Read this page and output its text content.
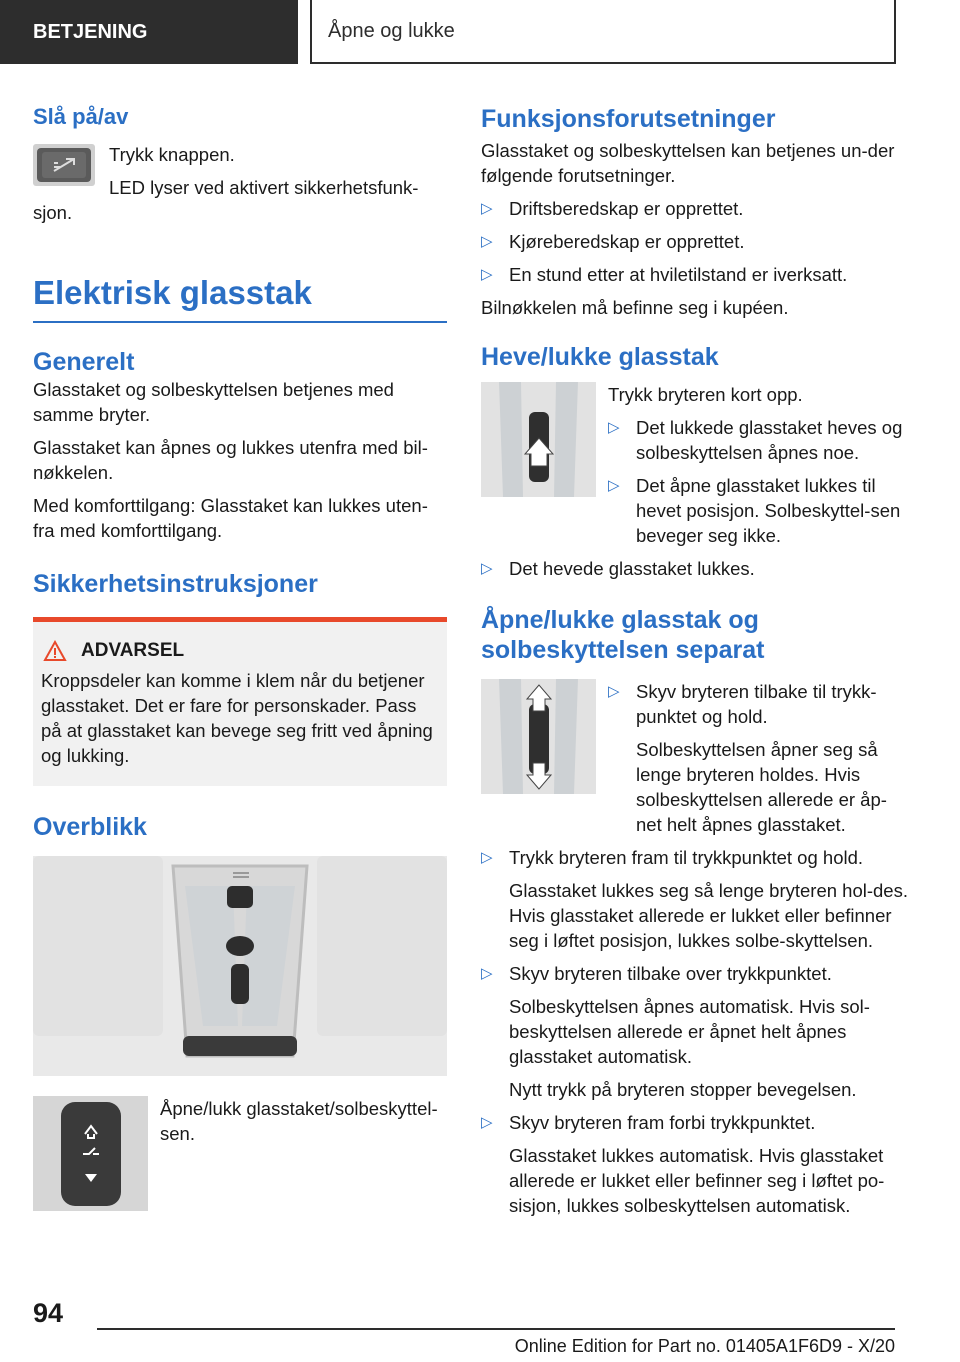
BETJENING	Åpne og lukke
Slå på/av

Trykk knappen.

LED lyser ved aktivert sikkerhetsfunk-

sjon.

Elektrisk glasstak
Generelt

Glasstaket og solbeskyttelsen betjenes med samme bryter.

Glasstaket kan åpnes og lukkes utenfra med bil-nøkkelen.

Med komforttilgang: Glasstaket kan lukkes uten-fra med komforttilgang.

Sikkerhetsinstruksjoner
ADVARSEL

Kroppsdeler kan komme i klem når du betjener glasstaket. Det er fare for personskader. Pass på at glasstaket kan bevege seg fritt ved åpning og lukking.

Overblikk

Åpne/lukk glasstaket/solbeskyttel-sen.

Funksjonsforutsetninger

Glasstaket og solbeskyttelsen kan betjenes un-der følgende forutsetninger.

▷ Driftsberedskap er opprettet.

▷ Kjøreberedskap er opprettet.

▷ En stund etter at hviletilstand er iverksatt.

Bilnøkkelen må befinne seg i kupéen.

Heve/lukke glasstak

Trykk bryteren kort opp.

▷ Det lukkede glasstaket heves og solbeskyttelsen åpnes noe.

▷ Det åpne glasstaket lukkes til hevet posisjon. Solbeskyttel-sen beveger seg ikke.

▷ Det hevede glasstaket lukkes.

Åpne/lukke glasstak og
solbeskyttelsen separat
▷ Skyv bryteren tilbake til trykk-punktet og hold.

Solbeskyttelsen åpner seg så lenge bryteren holdes. Hvis solbeskyttelsen allerede er åp-net helt åpnes glasstaket.

▷ Trykk bryteren fram til trykkpunktet og hold.

Glasstaket lukkes seg så lenge bryteren hol-des. Hvis glasstaket allerede er lukket eller befinner seg i løftet posisjon, lukkes solbe-skyttelsen.

▷ Skyv bryteren tilbake over trykkpunktet.

Solbeskyttelsen åpnes automatisk. Hvis sol-beskyttelsen allerede er åpnet helt åpnes glasstaket automatisk.

Nytt trykk på bryteren stopper bevegelsen.

▷ Skyv bryteren fram forbi trykkpunktet.

Glasstaket lukkes automatisk. Hvis glasstaket allerede er lukket eller befinner seg i løftet po-sisjon, lukkes solbeskyttelsen automatisk.

94
Online Edition for Part no. 01405A1F6D9 - X/20
